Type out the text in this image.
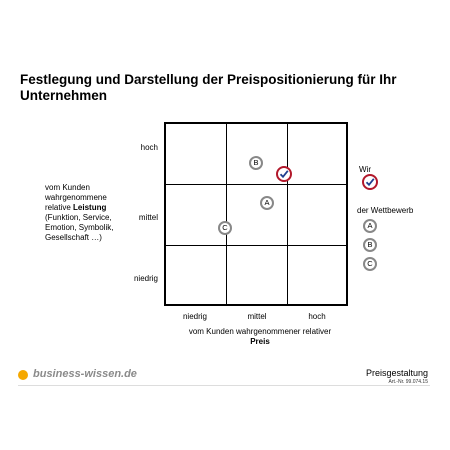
Festlegung und Darstellung der Preispositionierung für Ihr Unternehmen
vom Kunden
wahrgenommene
relative Leistung
(Funktion, Service,
Emotion, Symbolik,
Gesellschaft …)
hoch
mittel
niedrig
B
A
C
niedrig	mittel	hoch
vom Kunden wahrgenommener relativer
Preis
Wir
der Wettbewerb
A
B
C
business-wissen.de	Preisgestaltung
Art.-Nr. 99.074.15
